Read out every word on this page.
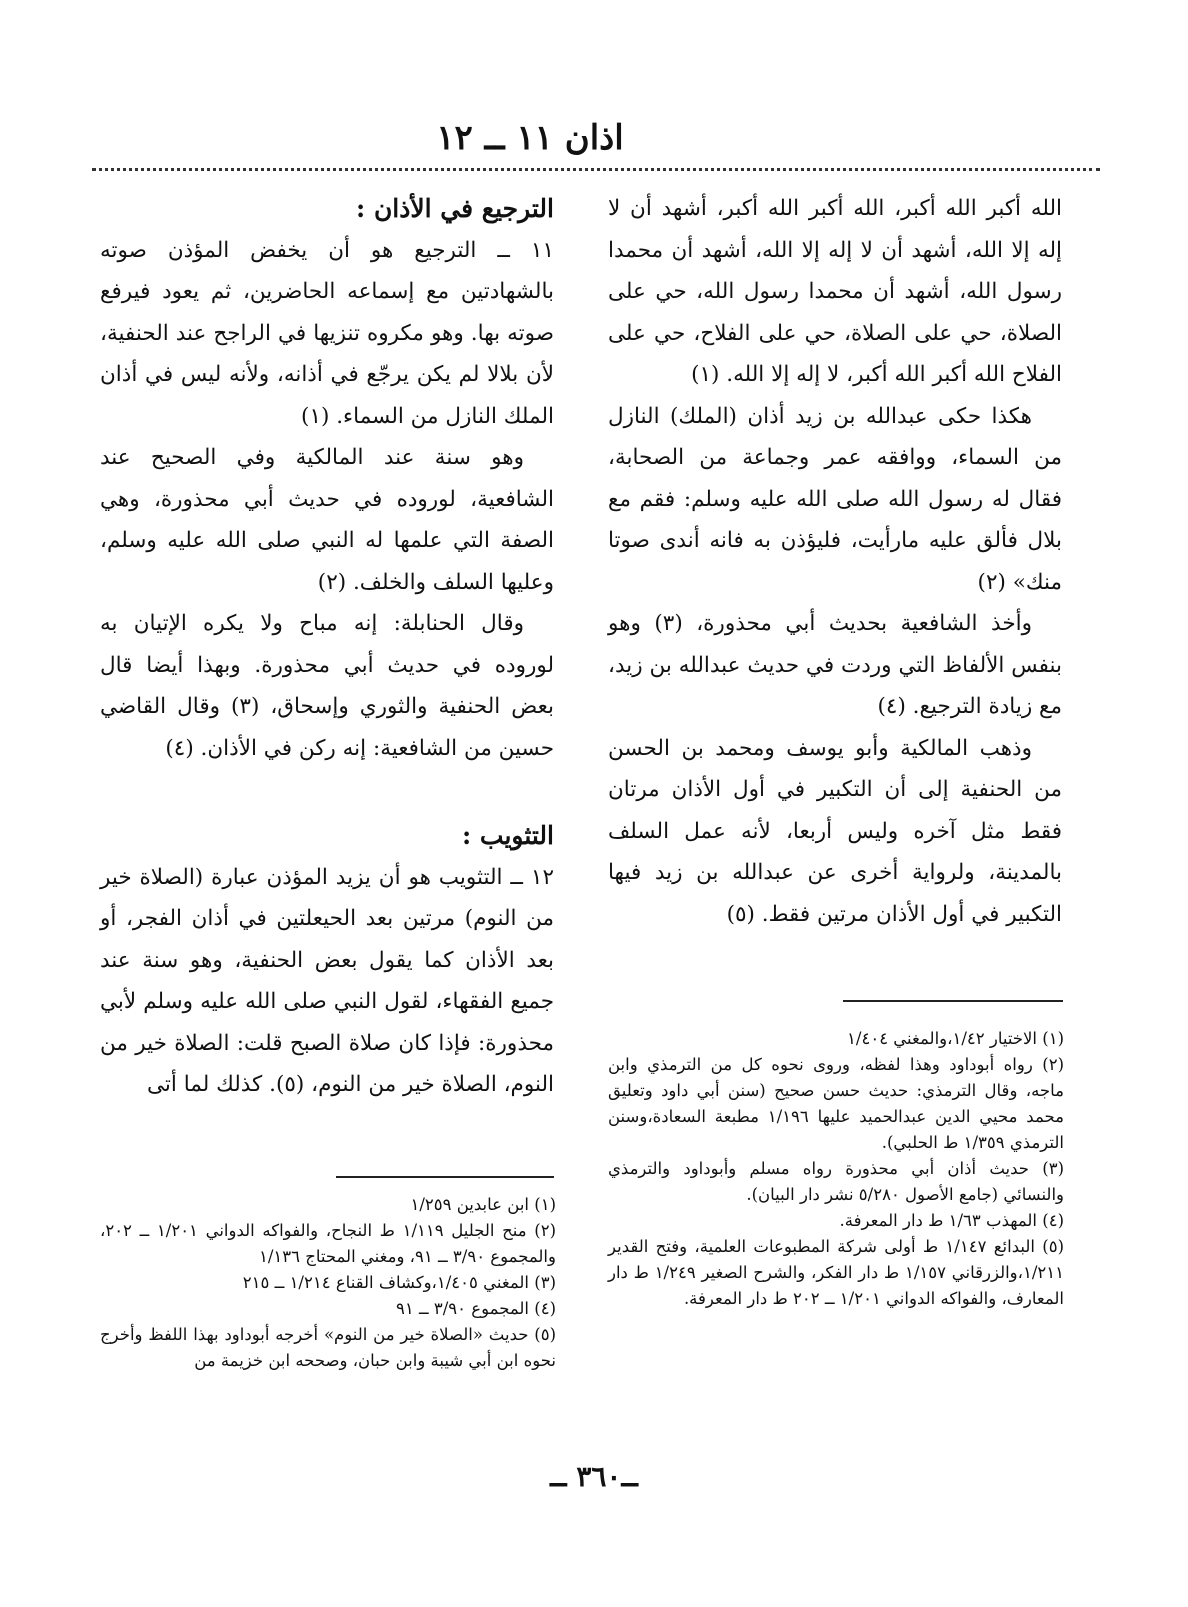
اذان ١١ ــ ١٢

الله أكبر الله أكبر، الله أكبر الله أكبر، أشهد أن لا إله إلا الله، أشهد أن لا إله إلا الله، أشهد أن محمدا رسول الله، أشهد أن محمدا رسول الله، حي على الصلاة، حي على الصلاة، حي على الفلاح، حي على الفلاح الله أكبر الله أكبر، لا إله إلا الله. (١)

هكذا حكى عبدالله بن زيد أذان (الملك) النازل من السماء، ووافقه عمر وجماعة من الصحابة، فقال له رسول الله صلى الله عليه وسلم: فقم مع بلال فألق عليه مارأيت، فليؤذن به فانه أندى صوتا منك» (٢)

وأخذ الشافعية بحديث أبي محذورة، (٣) وهو بنفس الألفاظ التي وردت في حديث عبدالله بن زيد، مع زيادة الترجيع. (٤)

وذهب المالكية وأبو يوسف ومحمد بن الحسن من الحنفية إلى أن التكبير في أول الأذان مرتان فقط مثل آخره وليس أربعا، لأنه عمل السلف بالمدينة، ولرواية أخرى عن عبدالله بن زيد فيها التكبير في أول الأذان مرتين فقط. (٥)

الترجيع في الأذان :

١١ ــ الترجيع هو أن يخفض المؤذن صوته بالشهادتين مع إسماعه الحاضرين، ثم يعود فيرفع صوته بها. وهو مكروه تنزيها في الراجح عند الحنفية، لأن بلالا لم يكن يرجّع في أذانه، ولأنه ليس في أذان الملك النازل من السماء. (١)

وهو سنة عند المالكية وفي الصحيح عند الشافعية، لوروده في حديث أبي محذورة، وهي الصفة التي علمها له النبي صلى الله عليه وسلم، وعليها السلف والخلف. (٢)

وقال الحنابلة: إنه مباح ولا يكره الإتيان به لوروده في حديث أبي محذورة. وبهذا أيضا قال بعض الحنفية والثوري وإسحاق، (٣) وقال القاضي حسين من الشافعية: إنه ركن في الأذان. (٤)

التثويب :

١٢ ــ التثويب هو أن يزيد المؤذن عبارة (الصلاة خير من النوم) مرتين بعد الحيعلتين في أذان الفجر، أو بعد الأذان كما يقول بعض الحنفية، وهو سنة عند جميع الفقهاء، لقول النبي صلى الله عليه وسلم لأبي محذورة: فإذا كان صلاة الصبح قلت: الصلاة خير من النوم، الصلاة خير من النوم، (٥). كذلك لما أتى

(١) الاختيار ١/٤٢،والمغني ١/٤٠٤

(٢) رواه أبوداود وهذا لفظه، وروى نحوه كل من الترمذي وابن ماجه، وقال الترمذي: حديث حسن صحيح (سنن أبي داود وتعليق محمد محيي الدين عبدالحميد عليها ١/١٩٦ مطبعة السعادة،وسنن الترمذي ١/٣٥٩ ط الحلبي).

(٣) حديث أذان أبي محذورة رواه مسلم وأبوداود والترمذي والنسائي (جامع الأصول ٥/٢٨٠ نشر دار البيان).

(٤) المهذب ١/٦٣ ط دار المعرفة.

(٥) البدائع ١/١٤٧ ط أولى شركة المطبوعات العلمية، وفتح القدير ١/٢١١،والزرقاني ١/١٥٧ ط دار الفكر، والشرح الصغير ١/٢٤٩ ط دار المعارف، والفواكه الدواني ١/٢٠١ ــ ٢٠٢ ط دار المعرفة.

(١) ابن عابدين ١/٢٥٩

(٢) منح الجليل ١/١١٩ ط النجاح، والفواكه الدواني ١/٢٠١ ــ ٢٠٢، والمجموع ٣/٩٠ ــ ٩١، ومغني المحتاج ١/١٣٦

(٣) المغني ١/٤٠٥،وكشاف القناع ١/٢١٤ ــ ٢١٥

(٤) المجموع ٣/٩٠ ــ ٩١

(٥) حديث «الصلاة خير من النوم» أخرجه أبوداود بهذا اللفظ وأخرج نحوه ابن أبي شيبة وابن حبان، وصححه ابن خزيمة من

ــ٣٦٠ ــ
